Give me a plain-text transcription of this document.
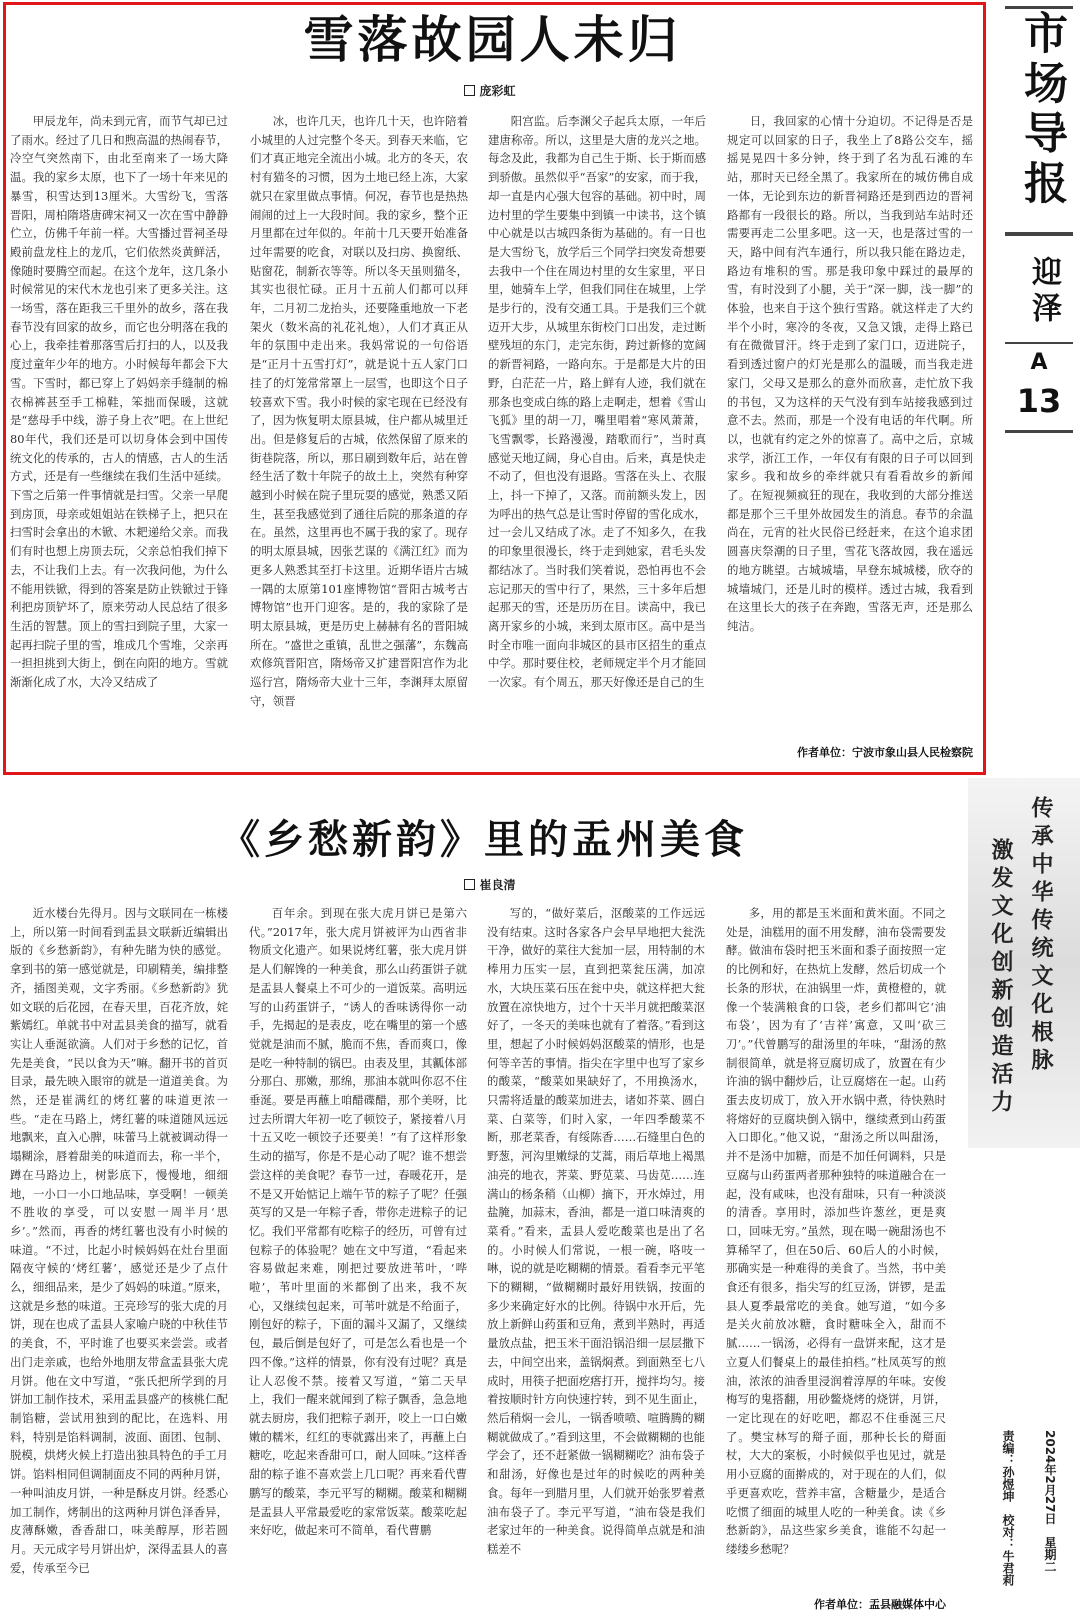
雪落故园人未归
庞彩虹
甲辰龙年，尚未到元宵，而节气却已过了雨水。经过了几日和煦高温的热闹春节，冷空气突然南下，由北至南来了一场大降温。我的家乡太原，也下了一场十年来见的暴雪，积雪达到13厘米。大雪纷飞，雪落晋阳，周柏隋塔唐碑宋祠又一次在雪中静静伫立，仿佛千年前一样。大雪播过晋祠圣母殿前盘龙柱上的龙爪，它们依然炎黄鲜活，像随时要腾空而起。在这个龙年，这几条小时候常见的宋代木龙也引来了更多关注。这一场雪，落在距我三千里外的故乡，落在我春节没有回家的故乡，而它也分明落在我的心上，我牵挂着那落雪后打扫的人，以及我度过童年少年的地方。小时候每年都会下大雪。下雪时，都已穿上了妈妈亲手缝制的棉衣棉裤甚至手工棉鞋，笨拙而保暖，这就是“慈母手中线，游子身上衣”吧。在上世纪80年代，我们还是可以切身体会到中国传统文化的传承的，古人的情感，古人的生活方式，还是有一些继续在我们生活中延续。下雪之后第一件事情就是扫雪。父亲一早爬到房顶，母亲或姐姐站在铁梯子上，把只在扫雪时会拿出的木锨、木耙递给父亲。而我们有时也想上房顶去玩，父亲总怕我们掉下去，不让我们上去。有一次我问他，为什么不能用铁锨，得到的答案是防止铁锨过于锋利把房顶铲坏了，原来劳动人民总结了很多生活的智慧。顶上的雪扫到院子里，大家一起再扫院子里的雪，堆成几个雪堆，父亲再一担担挑到大街上，倒在向阳的地方。雪就渐渐化成了水，大冷又结成了
冰，也许几天，也许几十天，也许陪着小城里的人过完整个冬天。到春天来临，它们才真正地完全流出小城。北方的冬天，农村有猫冬的习惯，因为土地已经上冻，大家就只在家里做点事情。何况，春节也是热热闹闹的过上一大段时间。我的家乡，整个正月里都在过年似的。年前十几天要开始准备过年需要的吃食，对联以及扫房、换窗纸、贴窗花，制新衣等等。所以冬天虽则猫冬，其实也很忙碌。正月十五前人们都可以拜年，二月初二龙抬头，还要隆重地放一下老架火（数米高的礼花礼炮），人们才真正从年的氛围中走出来。我妈常说的一句俗语是“正月十五雪打灯”，就是说十五人家门口挂了的灯笼常常罩上一层雪，也即这个日子较喜欢下雪。我小时候的家宅现在已经没有了，因为恢复明太原县城，住户都从城里迁出。但是修复后的古城，依然保留了原来的街巷院落，所以，那日刷到数年后，站在曾经生活了数十年院子的故土上，突然有种穿越到小时候在院子里玩耍的感觉，熟悉又陌生，甚至我感觉到了通往后院的那条道的存在。虽然，这里再也不属于我的家了。现存的明太原县城，因张艺谋的《满江红》而为更多人熟悉其至打卡这里。近期华语片古城一隅的太原第101座博物馆“晋阳古城考古博物馆”也开门迎客。是的，我的家除了是明太原县城，更是历史上赫赫有名的晋阳城所在。“盛世之重镇，乱世之强藩”，东魏高欢修筑晋阳宫，隋炀帝又扩建晋阳宫作为北巡行宫，隋炀帝大业十三年，李渊拜太原留守，领晋
阳宫监。后李渊父子起兵太原，一年后建唐称帝。所以，这里是大唐的龙兴之地。每念及此，我都为自己生于斯、长于斯而感到骄傲。虽然似乎“吾家”的安家，而于我，却一直是内心强大包容的基础。初中时，周边村里的学生要集中到镇一中读书，这个镇中心就是以古城四条街为基础的。有一日也是大雪纷飞，放学后三个同学扫突发奇想要去我中一个住在周边村里的女生家里，平日里，她骑车上学，但我们同住在城里，上学是步行的，没有交通工具。于是我们三个就迈开大步，从城里东街校门口出发，走过断壁残垣的东门，走完东街，跨过新修的宽阔的新晋祠路，一路向东。于是都是大片的田野，白茫茫一片，路上鲜有人迹，我们就在那条也变成白练的路上走啊走，想着《雪山飞狐》里的胡一刀，嘴里唱着“寒风萧萧，飞雪飘零，长路漫漫，踏歌而行”，当时真感觉天地辽阔，身心自由。后来，真是快走不动了，但也没有退路。雪落在头上、衣服上，抖一下掉了，又落。而前额头发上，因为呼出的热气总是让雪时停留的雪化成水，过一会儿又结成了冰。走了不知多久，在我的印象里很漫长，终于走到她家，君毛头发都结冰了。当时我们笑着说，恐怕再也不会忘记那天的雪中行了，果然，三十多年后想起那天的雪，还是历历在目。读高中，我已离开家乡的小城，来到太原市区。高中是当时全市唯一面向非城区的县市区招生的重点中学。那时要住校，老师规定半个月才能回一次家。有个周五，那天好像还是自己的生
日，我回家的心情十分迫切。不记得是否是规定可以回家的日子，我坐上了8路公交车，摇摇晃晃四十多分钟，终于到了名为乱石滩的车站，那时天已经全黑了。我家所在的城仿佛自成一体，无论到东边的新晋祠路还是到西边的晋祠路都有一段很长的路。所以，当我到站车站时还需要再走二公里多吧。这一天，也是落过雪的一天，路中间有汽车通行，所以我只能在路边走，路边有堆积的雪。那是我印象中踩过的最厚的雪，有时没到了小腿，关于“深一脚，浅一脚”的体验，也来自于这个独行雪路。就这样走了大约半个小时，寒冷的冬夜，又急又饿，走得上路已有在微微冒汗。终于走到了家门口，迈进院子，看到透过窗户的灯光是那么的温暖，而当我走进家门，父母又是那么的意外而欣喜，走忙放下我的书包，又为这样的天气没有到车站接我感到过意不去。然而，那是一个没有电话的年代啊。所以，也就有约定之外的惊喜了。高中之后，京城求学，浙江工作，一年仅有有限的日子可以回到家乡。我和故乡的牵绊就只有看看故乡的新闻了。在短视频疯狂的现在，我收到的大部分推送都是那个三千里外故园发生的消息。春节的余温尚在，元宵的社火民俗已经赶来，在这个追求团圆喜庆祭潮的日子里，雪花飞落故园，我在遥远的地方眺望。古城城墙，早登东城城楼，欣夺的城墙城门，还是儿时的模样。透过古城，我看到在这里长大的孩子在奔跑，雪落无声，还是那么纯洁。
作者单位：宁波市象山县人民检察院
市场导报
迎泽
A
13
传承中华传统文化根脉
激发文化创新创造活力
《乡愁新韵》里的盂州美食
崔良清
近水楼台先得月。因与文联同在一栋楼上，所以第一时间看到盂县文联新近编辑出版的《乡愁新韵》，有种先睹为快的感觉。拿到书的第一感觉就是，印刷精美，编排整齐，插图美观，文字秀丽。《乡愁新韵》犹如文联的后花园，在春天里，百花齐放，姹紫嫣红。单就书中对盂县美食的描写，就看实让人垂涎欲滴。人们对于乡愁的记忆，首先是美食，“民以食为天”嘛。翻开书的首页目录，最先映入眼帘的就是一道道美食。为然，还是崔满红的烤红薯的味道更浓一些。“走在马路上，烤红薯的味道随风远远地飘来，直入心脾，味蕾马上就被调动得一塌糊涂，唇着甜美的味道而去，称一半个，蹲在马路边上，树影底下，慢慢地，细细地，一小口一小口地品味，享受啊！一顿美不胜收的享受，可以安慰一周半月‘思乡’。”然而，再香的烤红薯也没有小时候的味道。“不过，比起小时候妈妈在灶台里面隔夜守候的‘烤红薯’，感觉还是少了点什么，细细品来，是少了妈妈的味道。”原来，这就是乡愁的味道。王亮珍写的张大虎的月饼，现在也成了盂县人家喻户晓的中秋佳节的美食，不，平时谁了也要买来尝尝。或者出门走亲戚，也给外地朋友带盒盂县张大虎月饼。他在文中写道，“张氏把所学到的月饼加工制作技术，采用盂县盛产的核桃仁配制馅糖，尝试用独到的配比，在选料、用料，特别是馅料调制，波面、面团、包制、脱模，烘烤火候上打造出独具特色的手工月饼。馅料相同但调制面皮不同的两种月饼，一种叫油皮月饼，一种是酥皮月饼。经悉心加工制作，烤制出的这两种月饼色泽香异，皮薄酥嫩，香香甜口，味美醇厚，形若圆月。天元成字号月饼出炉，深得盂县人的喜爱，传承至今已
百年余。到现在张大虎月饼已是第六代。”2017年，张大虎月饼被评为山西省非物质文化遗产。如果说烤红薯，张大虎月饼是人们解馋的一种美食，那么山药蛋饼子就是盂县人餐桌上不可少的一道饭菜。高明远写的山药蛋饼子，“诱人的香味诱得你一动手，先揭起的是表皮，吃在嘴里的第一个感觉就是油而不腻，脆而不焦，香而爽口，像是吃一种特制的锅巴。由表及里，其瓤体部分那白、那嫩，那绵，那油本就叫你忍不住垂涎。要是再蘸上咱醋碟醋，那个美呀，比过去所谓大年初一吃了顿饺子，紧接着八月十五又吃一顿饺子还要美！”有了这样形象生动的描写，你是不是心动了呢？谁不想尝尝这样的美食呢？春节一过，春暖花开，是不是又开始惦记上端午节的粽子了呢？任强英写的又是一年粽子香，带你走进粽子的记忆。我们平常都有吃粽子的经历，可曾有过包粽子的体验呢？她在文中写道，“看起来容易做起来难，刚把过要放进苇叶，‘哗啦’，苇叶里面的米都倒了出来，我不灰心，又继续包起来，可苇叶就是不给面子，刚包好的粽子，下面的漏斗又漏了，又继续包，最后倒是包好了，可是怎么看也是一个四不像。”这样的情景，你有没有过呢？真是让人忍俊不禁。接着又写道，“第二天早上，我们一醒来就闻到了粽子飘香，急急地就去厨房，我们把粽子剥开，咬上一口白嫩嫩的糯米，红红的枣就露出来了，再蘸上白糖吃，吃起来香甜可口，耐人回味。”这样香甜的粽子谁不喜欢尝上几口呢？再来看代曹鹏写的酸菜，李元平写的糊糊。酸菜和糊糊是盂县人平常最爱吃的家常饭菜。酸菜吃起来好吃，做起来可不简单，看代曹鹏
写的，“做好菜后，沤酸菜的工作远远没有结束。这时各家各户会早早地把大瓮洗干净，做好的菜往大瓮加一层，用特制的木棒用力压实一层，直到把菜瓮压满，加凉水，大块压菜石压在瓮中央，就这样把大瓮放置在凉快地方，过个十天半月就把酸菜沤好了，一冬天的美味也就有了着落。”看到这里，想起了小时候妈妈沤酸菜的情形，也是何等辛苦的事情。指尖在字里中也写了家乡的酸菜，“酸菜如果缺好了，不用换汤水，只需将适量的酸菜加进去，诸如芥菜、圆白菜、白菜等，们时入家，一年四季酸菜不断，那老菜香，有绥陈香……石缝里白色的野葱，河沟里嫩绿的艾蒿，雨后草地上褐黑油亮的地衣，荠菜、野苋菜、马齿苋……连满山的杨条稍（山柳）摘下，开水焯过，用盐腌，加蒜末，香油，都是一道口味清爽的菜肴。”看来，盂县人爱吃酸菜也是出了名的。小时候人们常说，一根一碗，咯吱一啉，说的就是吃糊糊的情景。看看李元平笔下的糊糊，“做糊糊时最好用铁锅，按面的多少来确定好水的比例。待锅中水开后，先放上新鲜山药蛋和豆角，煮到半熟时，再适量放点盐，把玉米干面沿锅沿细一层层撒下去，中间空出来，盖锅焖煮。到面熟至七八成时，用筷子把面疙瘩打开，搅拌均匀。接着按顺时针方向快速拧转，到不见生面止，然后稍焖一会儿，一锅香喷喷、喧腾腾的糊糊就做成了。”看到这里，不会做糊糊的也能学会了，还不赶紧做一锅糊糊吃？油布袋子和甜汤，好像也是过年的时候吃的两种美食。每年一到腊月里，人们就开始张罗着煮油布袋子了。李元平写道，“油布袋是我们老家过年的一种美食。说得简单点就是和油糕差不
多，用的都是玉米面和黄米面。不同之处是，油糕用的面不用发酵，油布袋需要发酵。做油布袋时把玉米面和黍子面按照一定的比例和好，在热炕上发酵，然后切成一个长条的形状，在油锅里一炸，黄橙橙的，就像一个装满粮食的口袋，老乡们都叫它‘油布袋’，因为有了‘吉祥’寓意，又叫‘砍三刀’。”代曾鹏写的甜汤里的年味，“甜汤的熬制很简单，就是将豆腐切成了，放置在有少许油的锅中翻炒后，让豆腐熔在一起。山药蛋去皮切成丁，放入开水锅中煮，待快熟时将熔好的豆腐块倒入锅中，继续煮到山药蛋入口即化。”他又说，“甜汤之所以叫甜汤，并不是汤中加糖，而是不加任何调料，只是豆腐与山药蛋两者那种独特的味道融合在一起，没有咸味，也没有甜味，只有一种淡淡的清香。享用时，添加些许葱丝，更是爽口，回味无穷。”虽然，现在喝一碗甜汤也不算稀罕了，但在50后、60后人的小时候，那确实是一种难得的美食了。当然，书中美食还有很多，指尖写的红豆汤，饼锣，是盂县人夏季最常吃的美食。她写道，“如今多是关火前放冰糖，食时糖味全入，甜而不腻……一锅汤，必得有一盘饼来配，这才是立夏人们餐桌上的最佳拍档。”杜凤英写的煎油，浓浓的油香里浸润着淳厚的年味。安俊梅写的鬼搭翻，用砂鳖烧烤的烧饼，月饼，一定比现在的好吃吧，都忍不住垂涎三尺了。樊宝林写的搿子面，那种长长的搿面杖，大大的案板，小时候似乎也见过，就是用小豆腐的面擀成的，对于现在的人们，似乎更喜欢吃，营养丰富，含糖量少，是适合吃惯了细面的城里人吃的一种美食。读《乡愁新韵》，品这些家乡美食，谁能不勾起一缕缕乡愁呢？
作者单位：盂县融媒体中心
2024年2月27日　星期二
责编：孙煜坤　校对：牛君莉
